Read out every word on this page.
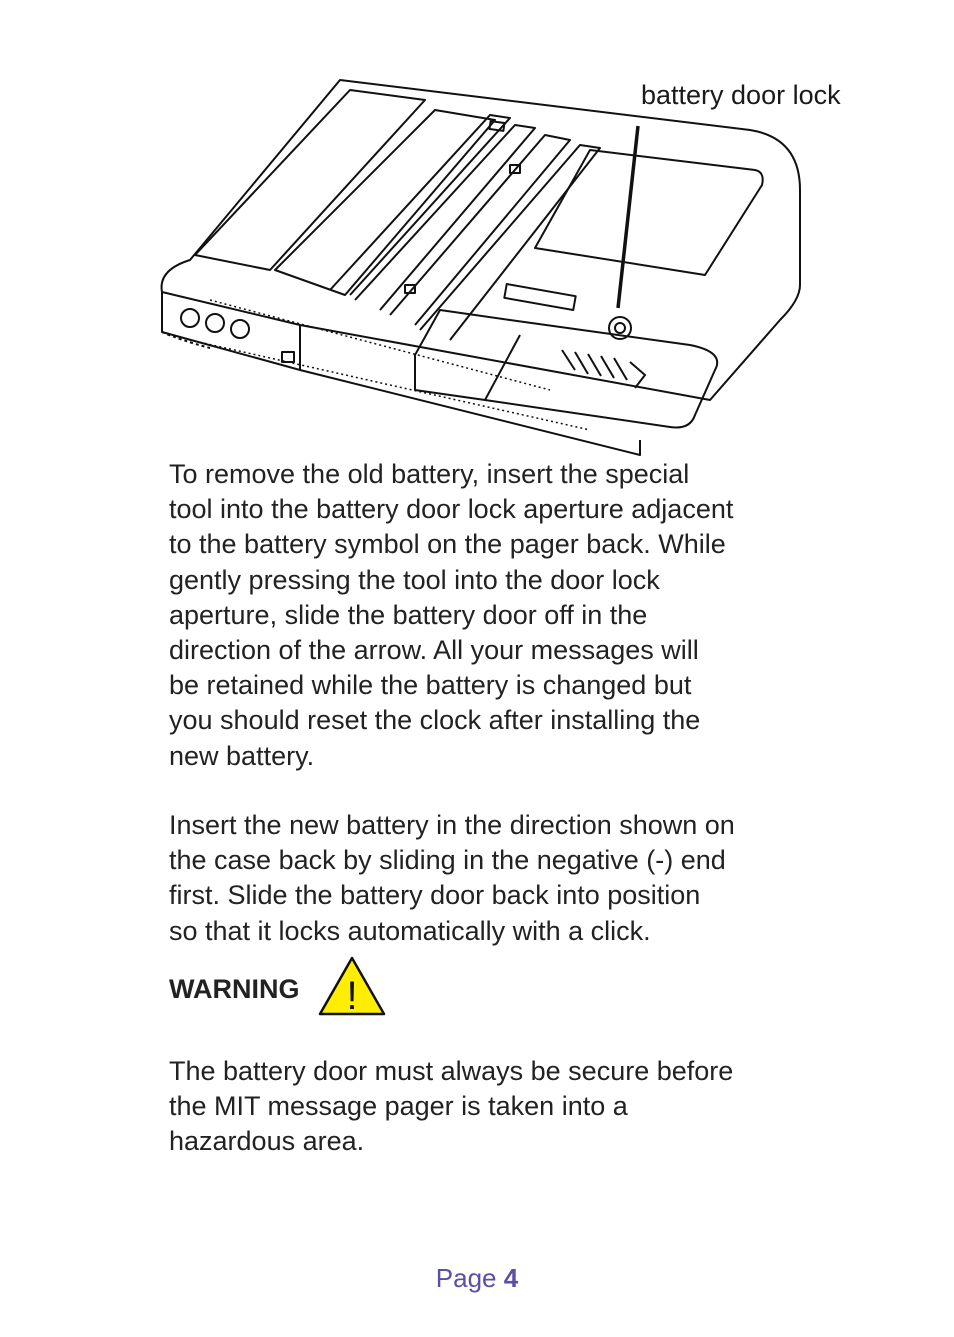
battery door lock

To remove the old battery, insert the special
tool into the battery door lock aperture adjacent
to the battery symbol on the pager back. While
gently pressing the tool into the door lock
aperture, slide the battery door off in the
direction of the arrow. All your messages will
be retained while the battery is changed but
you should reset the clock after installing the
new battery.

Insert the new battery in the direction shown on
the case back by sliding in the negative (-) end
first. Slide the battery door back into position
so that it locks automatically with a click.

WARNING !

The battery door must always be secure before
the MIT message pager is taken into a
hazardous area.

Page 4
